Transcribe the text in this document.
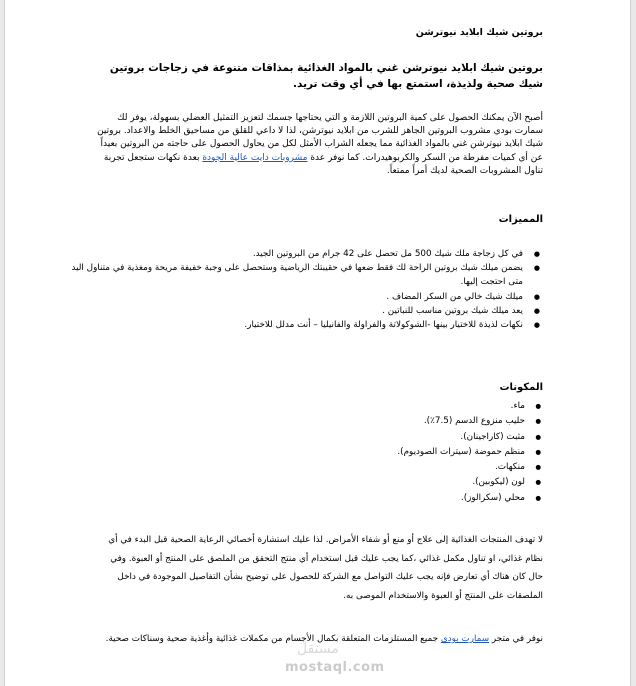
بروتين شيك ابلايد نيوترشن

بروتين شيك ابلايد نيوترشن غني بالمواد الغذائية بمذاقات متنوعة في زجاجات بروتين شيك صحية ولذيذة، استمتع بها في أي وقت تريد.

أصبح الآن يمكنك الحصول على كمية البروتين اللازمة و التي يحتاجها جسمك لتعزيز التمثيل العضلي بسهولة، يوفر لك سمارت بودي مشروب البروتين الجاهز للشرب من ابلايد نيوترشن، لذا لا داعي للقلق من مساحيق الخلط والاعداد. بروتين شيك ابلايد نيوترشن غني بالمواد الغذائية مما يجعله الشراب الأمثل لكل من يحاول الحصول على حاجته من البروتين بعيداً عن أي كميات مفرطة من السكر والكربوهيدرات. كما نوفر عدة مشروبات دايت عالية الجودة بعدة نكهات ستجعل تجربة تناول المشروبات الصحية لديك أمراً ممتعاً.

المميزات
● في كل زجاجة ملك شيك 500 مل تحصل على 42 جرام من البروتين الجيد.
● يضمن ميلك شيك بروتين الراحة لك فقط ضعها في حقيبتك الرياضية وستحصل على وجبة خفيفة مريحة ومغذية في متناول اليد متى احتجت إليها.
● ميلك شيك خالي من السكر المضاف .
● يعد ميلك شيك بروتين مناسب للنباتين .
● نكهات لذيذة للاختيار بينها -الشوكولاتة والفراولة والفانيليا – أنت مدلل للاختيار.
المكونات
● ماء.
● حليب منزوع الدسم (7.5٪).
● مثبت (كاراجينان).
● منظم حموضة (سيترات الصوديوم).
● منكهات.
● لون (ليكوبين).
● محلي (سكرالوز).

لا تهدف المنتجات الغذائية إلى علاج أو منع أو شفاء الأمراض. لذا عليك استشارة أخصائي الرعاية الصحية قبل البدء في أي نظام غذائي، او تناول مكمل غذائي ،كما يجب عليك قبل استخدام أي منتج التحقق من الملصق على المنتج أو العبوة. وفي حال كان هناك أي تعارض فإنه يجب عليك التواصل مع الشركة للحصول على توضيح بشأن التفاصيل الموجودة في داخل الملصقات على المنتج أو العبوة والاستخدام الموصى به.

نوفر في متجر سمارت بودي جميع المستلزمات المتعلقة بكمال الأجسام من مكملات غذائية وأغذية صحية وسناكات صحية.

مستقل
mostaql.com
